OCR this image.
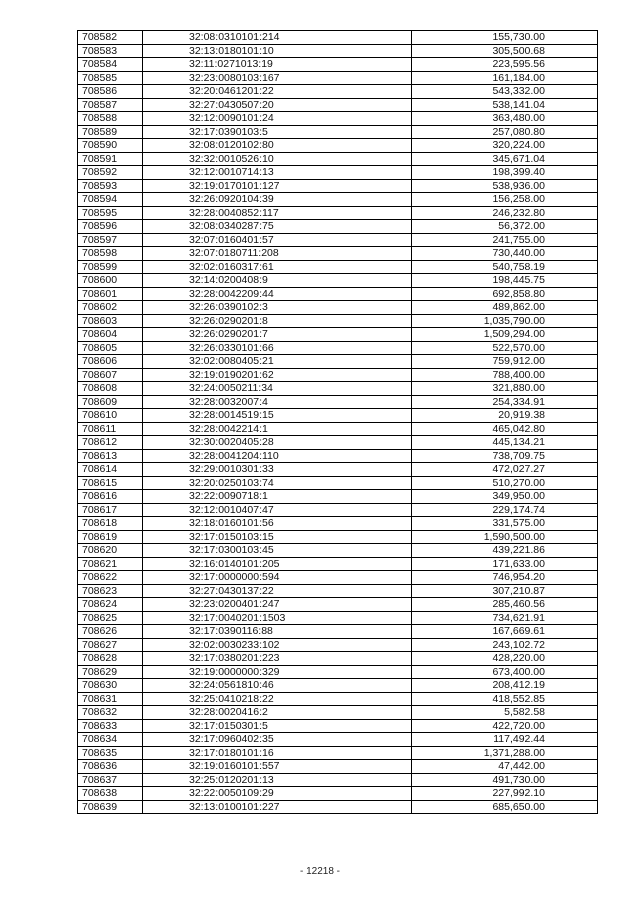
708582	32:08:0310101:214	155,730.00
708583	32:13:0180101:10	305,500.68
708584	32:11:0271013:19	223,595.56
708585	32:23:0080103:167	161,184.00
708586	32:20:0461201:22	543,332.00
708587	32:27:0430507:20	538,141.04
708588	32:12:0090101:24	363,480.00
708589	32:17:0390103:5	257,080.80
708590	32:08:0120102:80	320,224.00
708591	32:32:0010526:10	345,671.04
708592	32:12:0010714:13	198,399.40
708593	32:19:0170101:127	538,936.00
708594	32:26:0920104:39	156,258.00
708595	32:28:0040852:117	246,232.80
708596	32:08:0340287:75	56,372.00
708597	32:07:0160401:57	241,755.00
708598	32:07:0180711:208	730,440.00
708599	32:02:0160317:61	540,758.19
708600	32:14:0200408:9	198,445.75
708601	32:28:0042209:44	692,858.80
708602	32:26:0390102:3	489,862.00
708603	32:26:0290201:8	1,035,790.00
708604	32:26:0290201:7	1,509,294.00
708605	32:26:0330101:66	522,570.00
708606	32:02:0080405:21	759,912.00
708607	32:19:0190201:62	788,400.00
708608	32:24:0050211:34	321,880.00
708609	32:28:0032007:4	254,334.91
708610	32:28:0014519:15	20,919.38
708611	32:28:0042214:1	465,042.80
708612	32:30:0020405:28	445,134.21
708613	32:28:0041204:110	738,709.75
708614	32:29:0010301:33	472,027.27
708615	32:20:0250103:74	510,270.00
708616	32:22:0090718:1	349,950.00
708617	32:12:0010407:47	229,174.74
708618	32:18:0160101:56	331,575.00
708619	32:17:0150103:15	1,590,500.00
708620	32:17:0300103:45	439,221.86
708621	32:16:0140101:205	171,633.00
708622	32:17:0000000:594	746,954.20
708623	32:27:0430137:22	307,210.87
708624	32:23:0200401:247	285,460.56
708625	32:17:0040201:1503	734,621.91
708626	32:17:0390116:88	167,669.61
708627	32:02:0030233:102	243,102.72
708628	32:17:0380201:223	428,220.00
708629	32:19:0000000:329	673,400.00
708630	32:24:0561810:46	208,412.19
708631	32:25:0410218:22	418,552.85
708632	32:28:0020416:2	5,582.58
708633	32:17:0150301:5	422,720.00
708634	32:17:0960402:35	117,492.44
708635	32:17:0180101:16	1,371,288.00
708636	32:19:0160101:557	47,442.00
708637	32:25:0120201:13	491,730.00
708638	32:22:0050109:29	227,992.10
708639	32:13:0100101:227	685,650.00
- 12218 -
